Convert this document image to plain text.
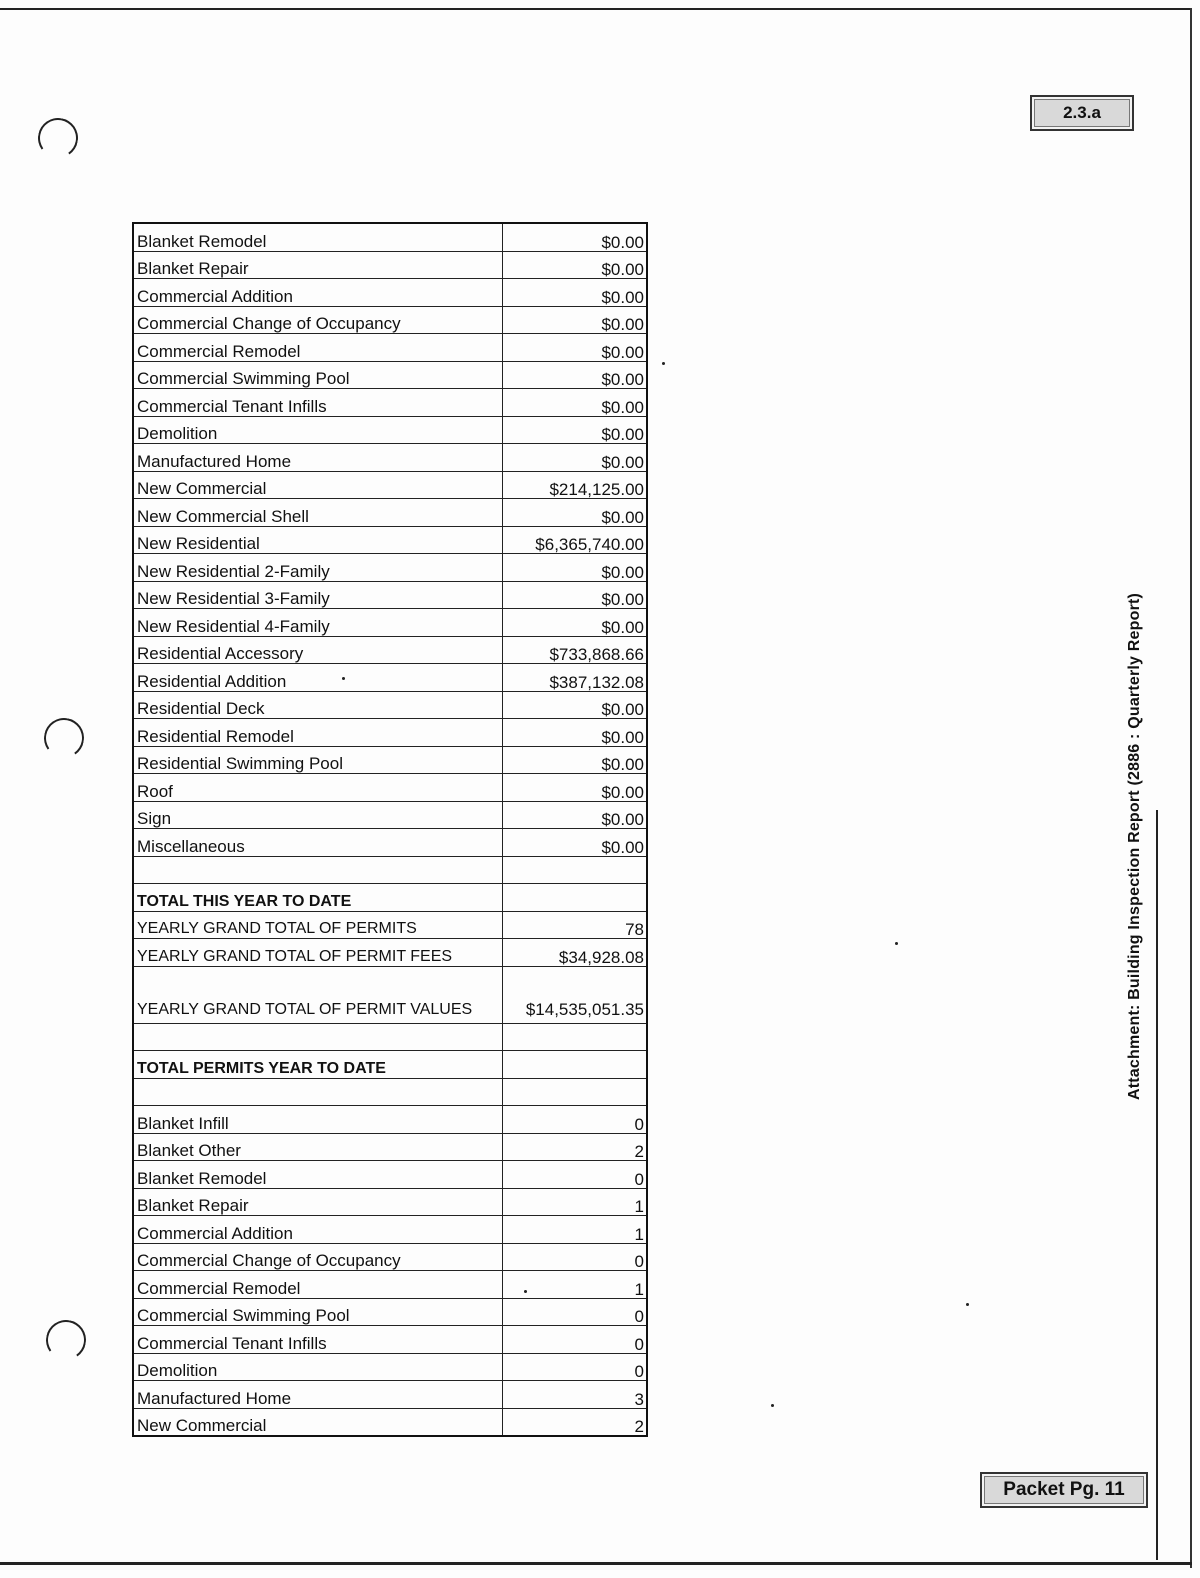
2.3.a
Packet Pg. 11
Attachment: Building Inspection Report (2886 : Quarterly Report)
Blanket Remodel	$0.00
Blanket Repair	$0.00
Commercial Addition	$0.00
Commercial Change of Occupancy	$0.00
Commercial Remodel	$0.00
Commercial Swimming Pool	$0.00
Commercial Tenant Infills	$0.00
Demolition	$0.00
Manufactured Home	$0.00
New Commercial	$214,125.00
New Commercial Shell	$0.00
New Residential	$6,365,740.00
New Residential 2-Family	$0.00
New Residential 3-Family	$0.00
New Residential 4-Family	$0.00
Residential Accessory	$733,868.66
Residential Addition	$387,132.08
Residential Deck	$0.00
Residential Remodel	$0.00
Residential Swimming Pool	$0.00
Roof	$0.00
Sign	$0.00
Miscellaneous	$0.00

TOTAL THIS YEAR TO DATE	
YEARLY GRAND TOTAL OF PERMITS	78
YEARLY GRAND TOTAL OF PERMIT FEES	$34,928.08
YEARLY GRAND TOTAL OF PERMIT VALUES	$14,535,051.35

TOTAL PERMITS YEAR TO DATE	

Blanket Infill	0
Blanket Other	2
Blanket Remodel	0
Blanket Repair	1
Commercial Addition	1
Commercial Change of Occupancy	0
Commercial Remodel	1
Commercial Swimming Pool	0
Commercial Tenant Infills	0
Demolition	0
Manufactured Home	3
New Commercial	2
